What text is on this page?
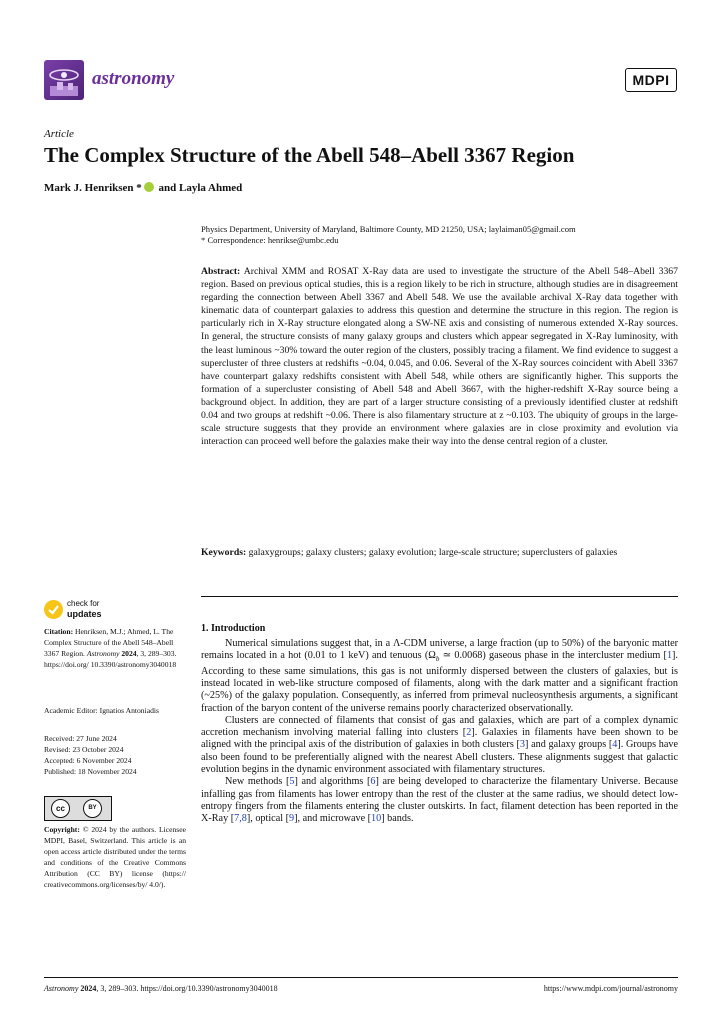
astronomy	MDPI
Article
The Complex Structure of the Abell 548–Abell 3367 Region
Mark J. Henriksen * and Layla Ahmed
Physics Department, University of Maryland, Baltimore County, MD 21250, USA; laylaiman05@gmail.com
* Correspondence: henrikse@umbc.edu
Abstract: Archival XMM and ROSAT X-Ray data are used to investigate the structure of the Abell 548–Abell 3367 region. Based on previous optical studies, this is a region likely to be rich in structure, although studies are in disagreement regarding the connection between Abell 3367 and Abell 548. We use the available archival X-Ray data together with kinematic data of counterpart galaxies to address this question and determine the structure in this region. The region is particularly rich in X-Ray structure elongated along a SW-NE axis and consisting of numerous extended X-Ray sources. In general, the structure consists of many galaxy groups and clusters which appear segregated in X-Ray luminosity, with the least luminous ~30% toward the outer region of the clusters, possibly tracing a filament. We find evidence to suggest a supercluster of three clusters at redshifts ~0.04, 0.045, and 0.06. Several of the X-Ray sources coincident with Abell 3367 have counterpart galaxy redshifts consistent with Abell 548, while others are significantly higher. This supports the formation of a supercluster consisting of Abell 548 and Abell 3667, with the higher-redshift X-Ray source being a background object. In addition, they are part of a larger structure consisting of a previously identified cluster at redshift 0.04 and two groups at redshift ~0.06. There is also filamentary structure at z ~0.103. The ubiquity of groups in the large-scale structure suggests that they provide an environment where galaxies are in close proximity and evolution via interaction can proceed well before the galaxies make their way into the dense central region of a cluster.
Keywords: galaxygroups; galaxy clusters; galaxy evolution; large-scale structure; superclusters of galaxies
check for
updates
Citation: Henriksen, M.J.; Ahmed, L. The Complex Structure of the Abell 548–Abell 3367 Region. Astronomy 2024, 3, 289–303. https://doi.org/ 10.3390/astronomy3040018
Academic Editor: Ignatios Antoniadis
Received: 27 June 2024
Revised: 23 October 2024
Accepted: 6 November 2024
Published: 18 November 2024
cc	BY
Copyright: © 2024 by the authors. Licensee MDPI, Basel, Switzerland. This article is an open access article distributed under the terms and conditions of the Creative Commons Attribution (CC BY) license (https:// creativecommons.org/licenses/by/ 4.0/).
1. Introduction

Numerical simulations suggest that, in a Λ-CDM universe, a large fraction (up to 50%) of the baryonic matter remains located in a hot (0.01 to 1 keV) and tenuous ($\Omega_b$ ≃ 0.0068) gaseous phase in the intercluster medium [1]. According to these same simulations, this gas is not uniformly dispersed between the clusters of galaxies, but is instead located in web-like structure composed of filaments, along with the dark matter and a significant fraction (~25%) of the galaxy population. Consequently, as inferred from primeval nucleosynthesis arguments, a significant fraction of the baryon content of the universe remains poorly characterized observationally.

Clusters are connected of filaments that consist of gas and galaxies, which are part of a complex dynamic accretion mechanism involving material falling into clusters [2]. Galaxies in filaments have been shown to be aligned with the principal axis of the distribution of galaxies in both clusters [3] and galaxy groups [4]. Groups have also been found to be preferentially aligned with the nearest Abell clusters. These alignments suggest that galactic evolution begins in the dynamic environment associated with filamentary structures.

New methods [5] and algorithms [6] are being developed to characterize the filamentary Universe. Because infalling gas from filaments has lower entropy than the rest of the cluster at the same radius, we should detect low-entropy fingers from the filaments entering the cluster outskirts. In fact, filament detection has been reported in the X-Ray [7,8], optical [9], and microwave [10] bands.

Astronomy 2024, 3, 289–303. https://doi.org/10.3390/astronomy3040018	https://www.mdpi.com/journal/astronomy
